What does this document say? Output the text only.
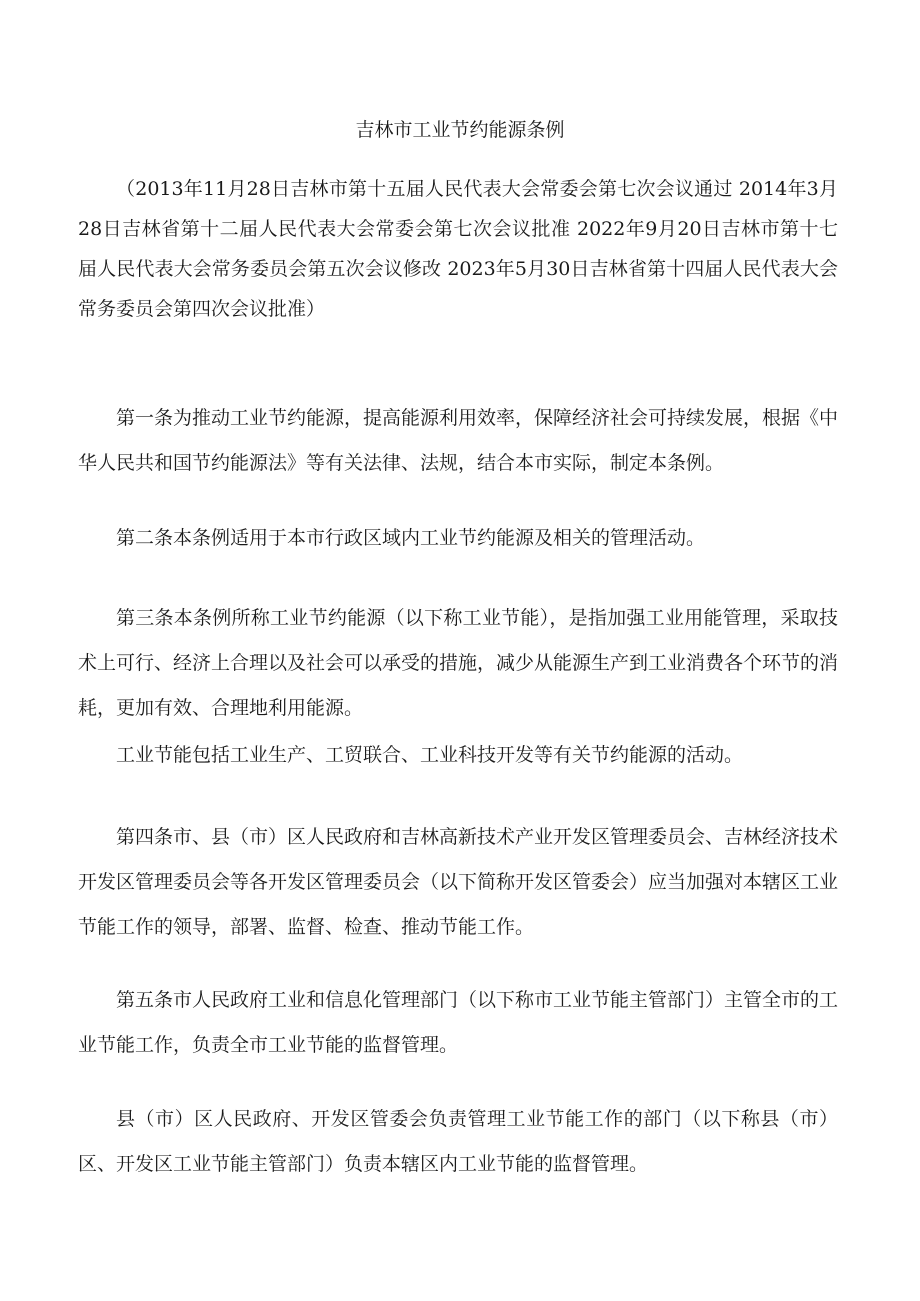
吉林市工业节约能源条例

（2013年11月28日吉林市第十五届人民代表大会常委会第七次会议通过 2014年3月28日吉林省第十二届人民代表大会常委会第七次会议批准 2022年9月20日吉林市第十七届人民代表大会常务委员会第五次会议修改 2023年5月30日吉林省第十四届人民代表大会常务委员会第四次会议批准）

第一条为推动工业节约能源，提高能源利用效率，保障经济社会可持续发展，根据《中华人民共和国节约能源法》等有关法律、法规，结合本市实际，制定本条例。

第二条本条例适用于本市行政区域内工业节约能源及相关的管理活动。

第三条本条例所称工业节约能源（以下称工业节能），是指加强工业用能管理，采取技术上可行、经济上合理以及社会可以承受的措施，减少从能源生产到工业消费各个环节的消耗，更加有效、合理地利用能源。

工业节能包括工业生产、工贸联合、工业科技开发等有关节约能源的活动。

第四条市、县（市）区人民政府和吉林高新技术产业开发区管理委员会、吉林经济技术开发区管理委员会等各开发区管理委员会（以下简称开发区管委会）应当加强对本辖区工业节能工作的领导，部署、监督、检查、推动节能工作。

第五条市人民政府工业和信息化管理部门（以下称市工业节能主管部门）主管全市的工业节能工作，负责全市工业节能的监督管理。

县（市）区人民政府、开发区管委会负责管理工业节能工作的部门（以下称县（市）区、开发区工业节能主管部门）负责本辖区内工业节能的监督管理。
